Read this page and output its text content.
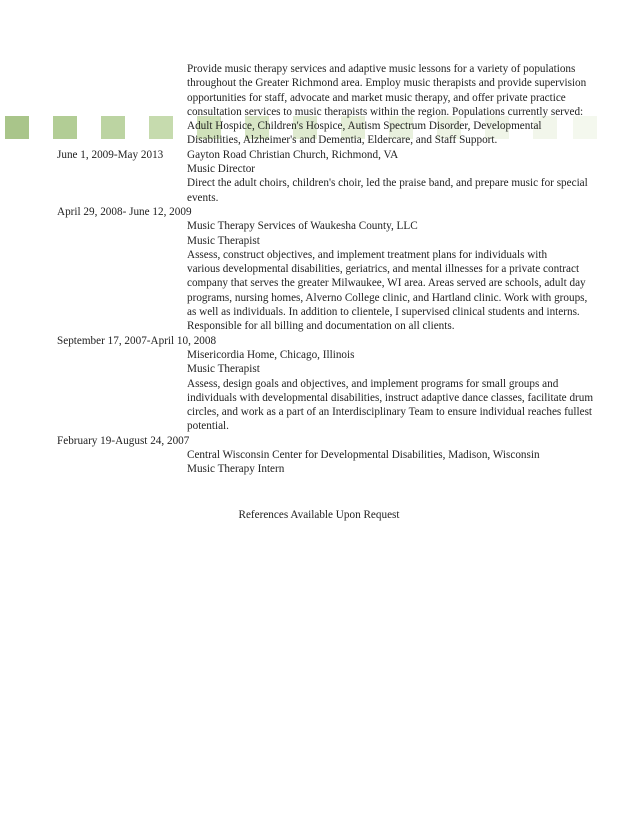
Provide music therapy services and adaptive music lessons for a variety of populations
throughout the Greater Richmond area. Employ music therapists and provide supervision
opportunities for staff, advocate and market music therapy, and offer private practice
consultation services to music therapists within the region. Populations currently served:
Adult Hospice, Children's Hospice, Autism Spectrum Disorder, Developmental
Disabilities, Alzheimer's and Dementia, Eldercare, and Staff Support.
June 1, 2009-May 2013 Gayton Road Christian Church, Richmond, VA
Music Director
Direct the adult choirs, children's choir, led the praise band, and prepare music for special
events.
April 29, 2008- June 12, 2009
Music Therapy Services of Waukesha County, LLC
Music Therapist
Assess, construct objectives, and implement treatment plans for individuals with
various developmental disabilities, geriatrics, and mental illnesses for a private contract
company that serves the greater Milwaukee, WI area. Areas served are schools, adult day
programs, nursing homes, Alverno College clinic, and Hartland clinic. Work with groups,
as well as individuals. In addition to clientele, I supervised clinical students and interns.
Responsible for all billing and documentation on all clients.
September 17, 2007-April 10, 2008
Misericordia Home, Chicago, Illinois
Music Therapist
Assess, design goals and objectives, and implement programs for small groups and
individuals with developmental disabilities, instruct adaptive dance classes, facilitate drum
circles, and work as a part of an Interdisciplinary Team to ensure individual reaches fullest
potential.
February 19-August 24, 2007
Central Wisconsin Center for Developmental Disabilities, Madison, Wisconsin
Music Therapy Intern
References Available Upon Request
